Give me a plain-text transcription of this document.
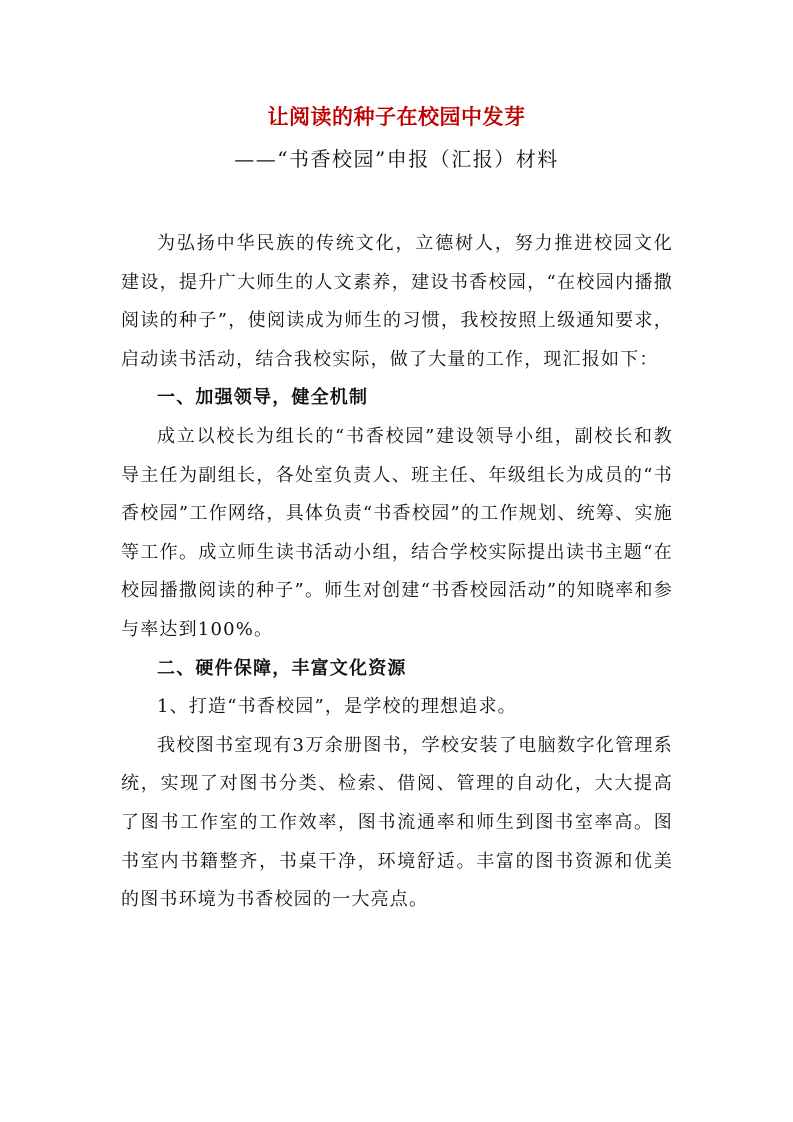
让阅读的种子在校园中发芽
——“书香校园”申报（汇报）材料

为弘扬中华民族的传统文化，立德树人，努力推进校园文化建设，提升广大师生的人文素养，建设书香校园，“在校园内播撒阅读的种子”，使阅读成为师生的习惯，我校按照上级通知要求，启动读书活动，结合我校实际，做了大量的工作，现汇报如下：

一、加强领导，健全机制

成立以校长为组长的“书香校园”建设领导小组，副校长和教导主任为副组长，各处室负责人、班主任、年级组长为成员的“书香校园”工作网络，具体负责“书香校园”的工作规划、统筹、实施等工作。成立师生读书活动小组，结合学校实际提出读书主题“在校园播撒阅读的种子”。师生对创建“书香校园活动”的知晓率和参与率达到100%。

二、硬件保障，丰富文化资源

1、打造“书香校园”，是学校的理想追求。

我校图书室现有3万余册图书，学校安装了电脑数字化管理系统，实现了对图书分类、检索、借阅、管理的自动化，大大提高了图书工作室的工作效率，图书流通率和师生到图书室率高。图书室内书籍整齐，书桌干净，环境舒适。丰富的图书资源和优美的图书环境为书香校园的一大亮点。
